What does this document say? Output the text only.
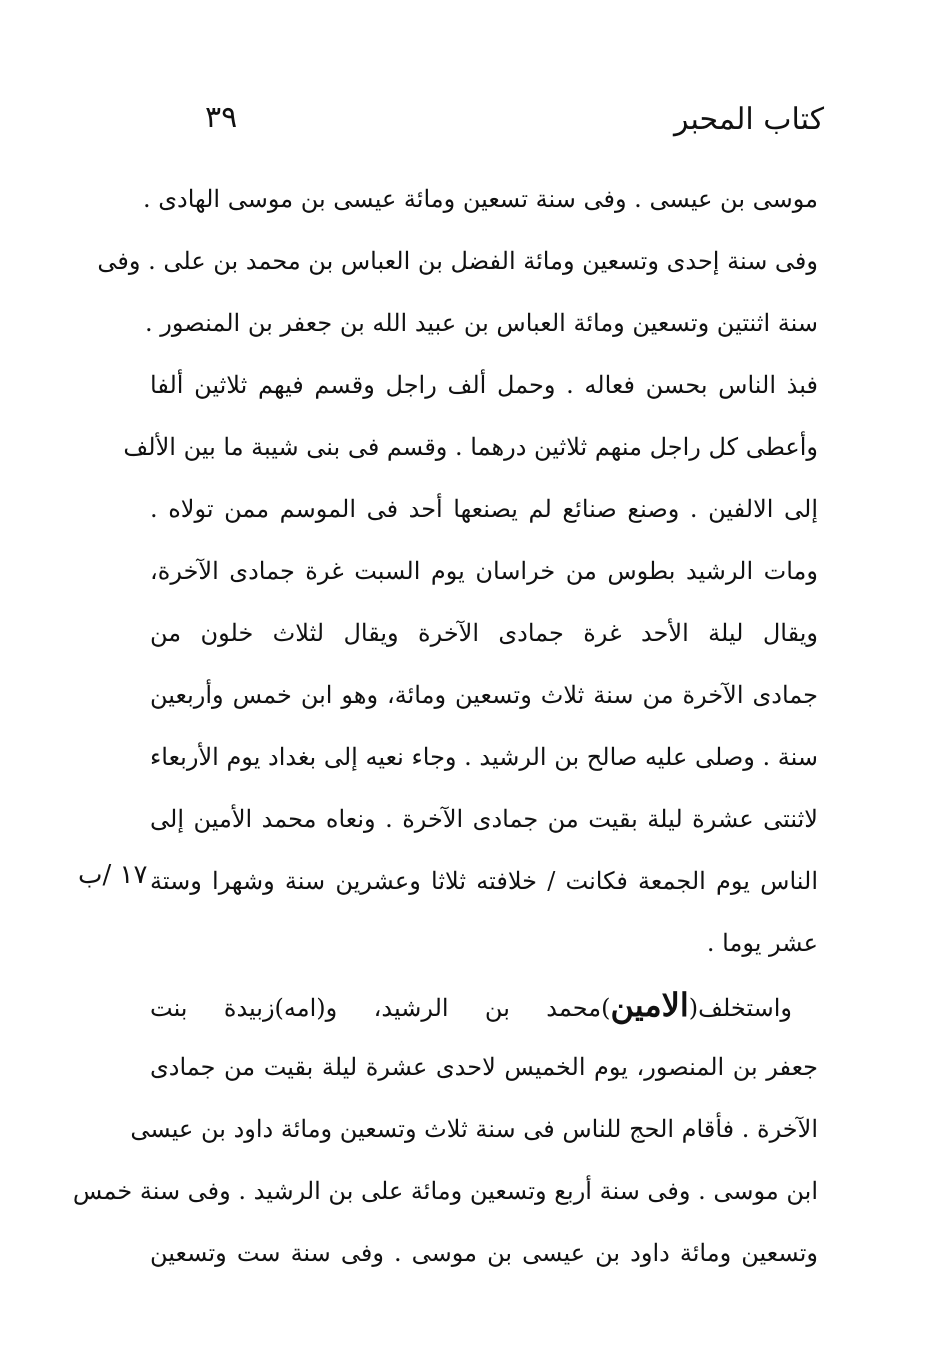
كتاب المحبر
٣٩
موسى بن عيسى . وفى سنة تسعين ومائة عيسى بن موسى الهادى .
وفى سنة إحدى وتسعين ومائة الفضل بن العباس بن محمد بن على . وفى
سنة اثنتين وتسعين ومائة العباس بن عبيد الله بن جعفر بن المنصور .
فبذ الناس بحسن فعاله . وحمل ألف راجل وقسم فيهم ثلاثين ألفا
وأعطى كل راجل منهم ثلاثين درهما . وقسم فى بنى شيبة ما بين الألف
إلى الالفين . وصنع صنائع لم يصنعها أحد فى الموسم ممن تولاه .
ومات الرشيد بطوس من خراسان يوم السبت غرة جمادى الآخرة،
ويقال ليلة الأحد غرة جمادى الآخرة ويقال لثلاث خلون من
جمادى الآخرة من سنة ثلاث وتسعين ومائة، وهو ابن خمس وأربعين
سنة . وصلى عليه صالح بن الرشيد . وجاء نعيه إلى بغداد يوم الأربعاء
لاثنتى عشرة ليلة بقيت من جمادى الآخرة . ونعاه محمد الأمين إلى
الناس يوم الجمعة فكانت / خلافته ثلاثا وعشرين سنة وشهرا وستة
عشر يوما .
واستخلف(الامين)محمد بن الرشيد، و(امه)زبيدة بنت
جعفر بن المنصور، يوم الخميس لاحدى عشرة ليلة بقيت من جمادى
الآخرة . فأقام الحج للناس فى سنة ثلاث وتسعين ومائة داود بن عيسى
ابن موسى . وفى سنة أربع وتسعين ومائة على بن الرشيد . وفى سنة خمس
وتسعين ومائة داود بن عيسى بن موسى . وفى سنة ست وتسعين
١٧ /ب
